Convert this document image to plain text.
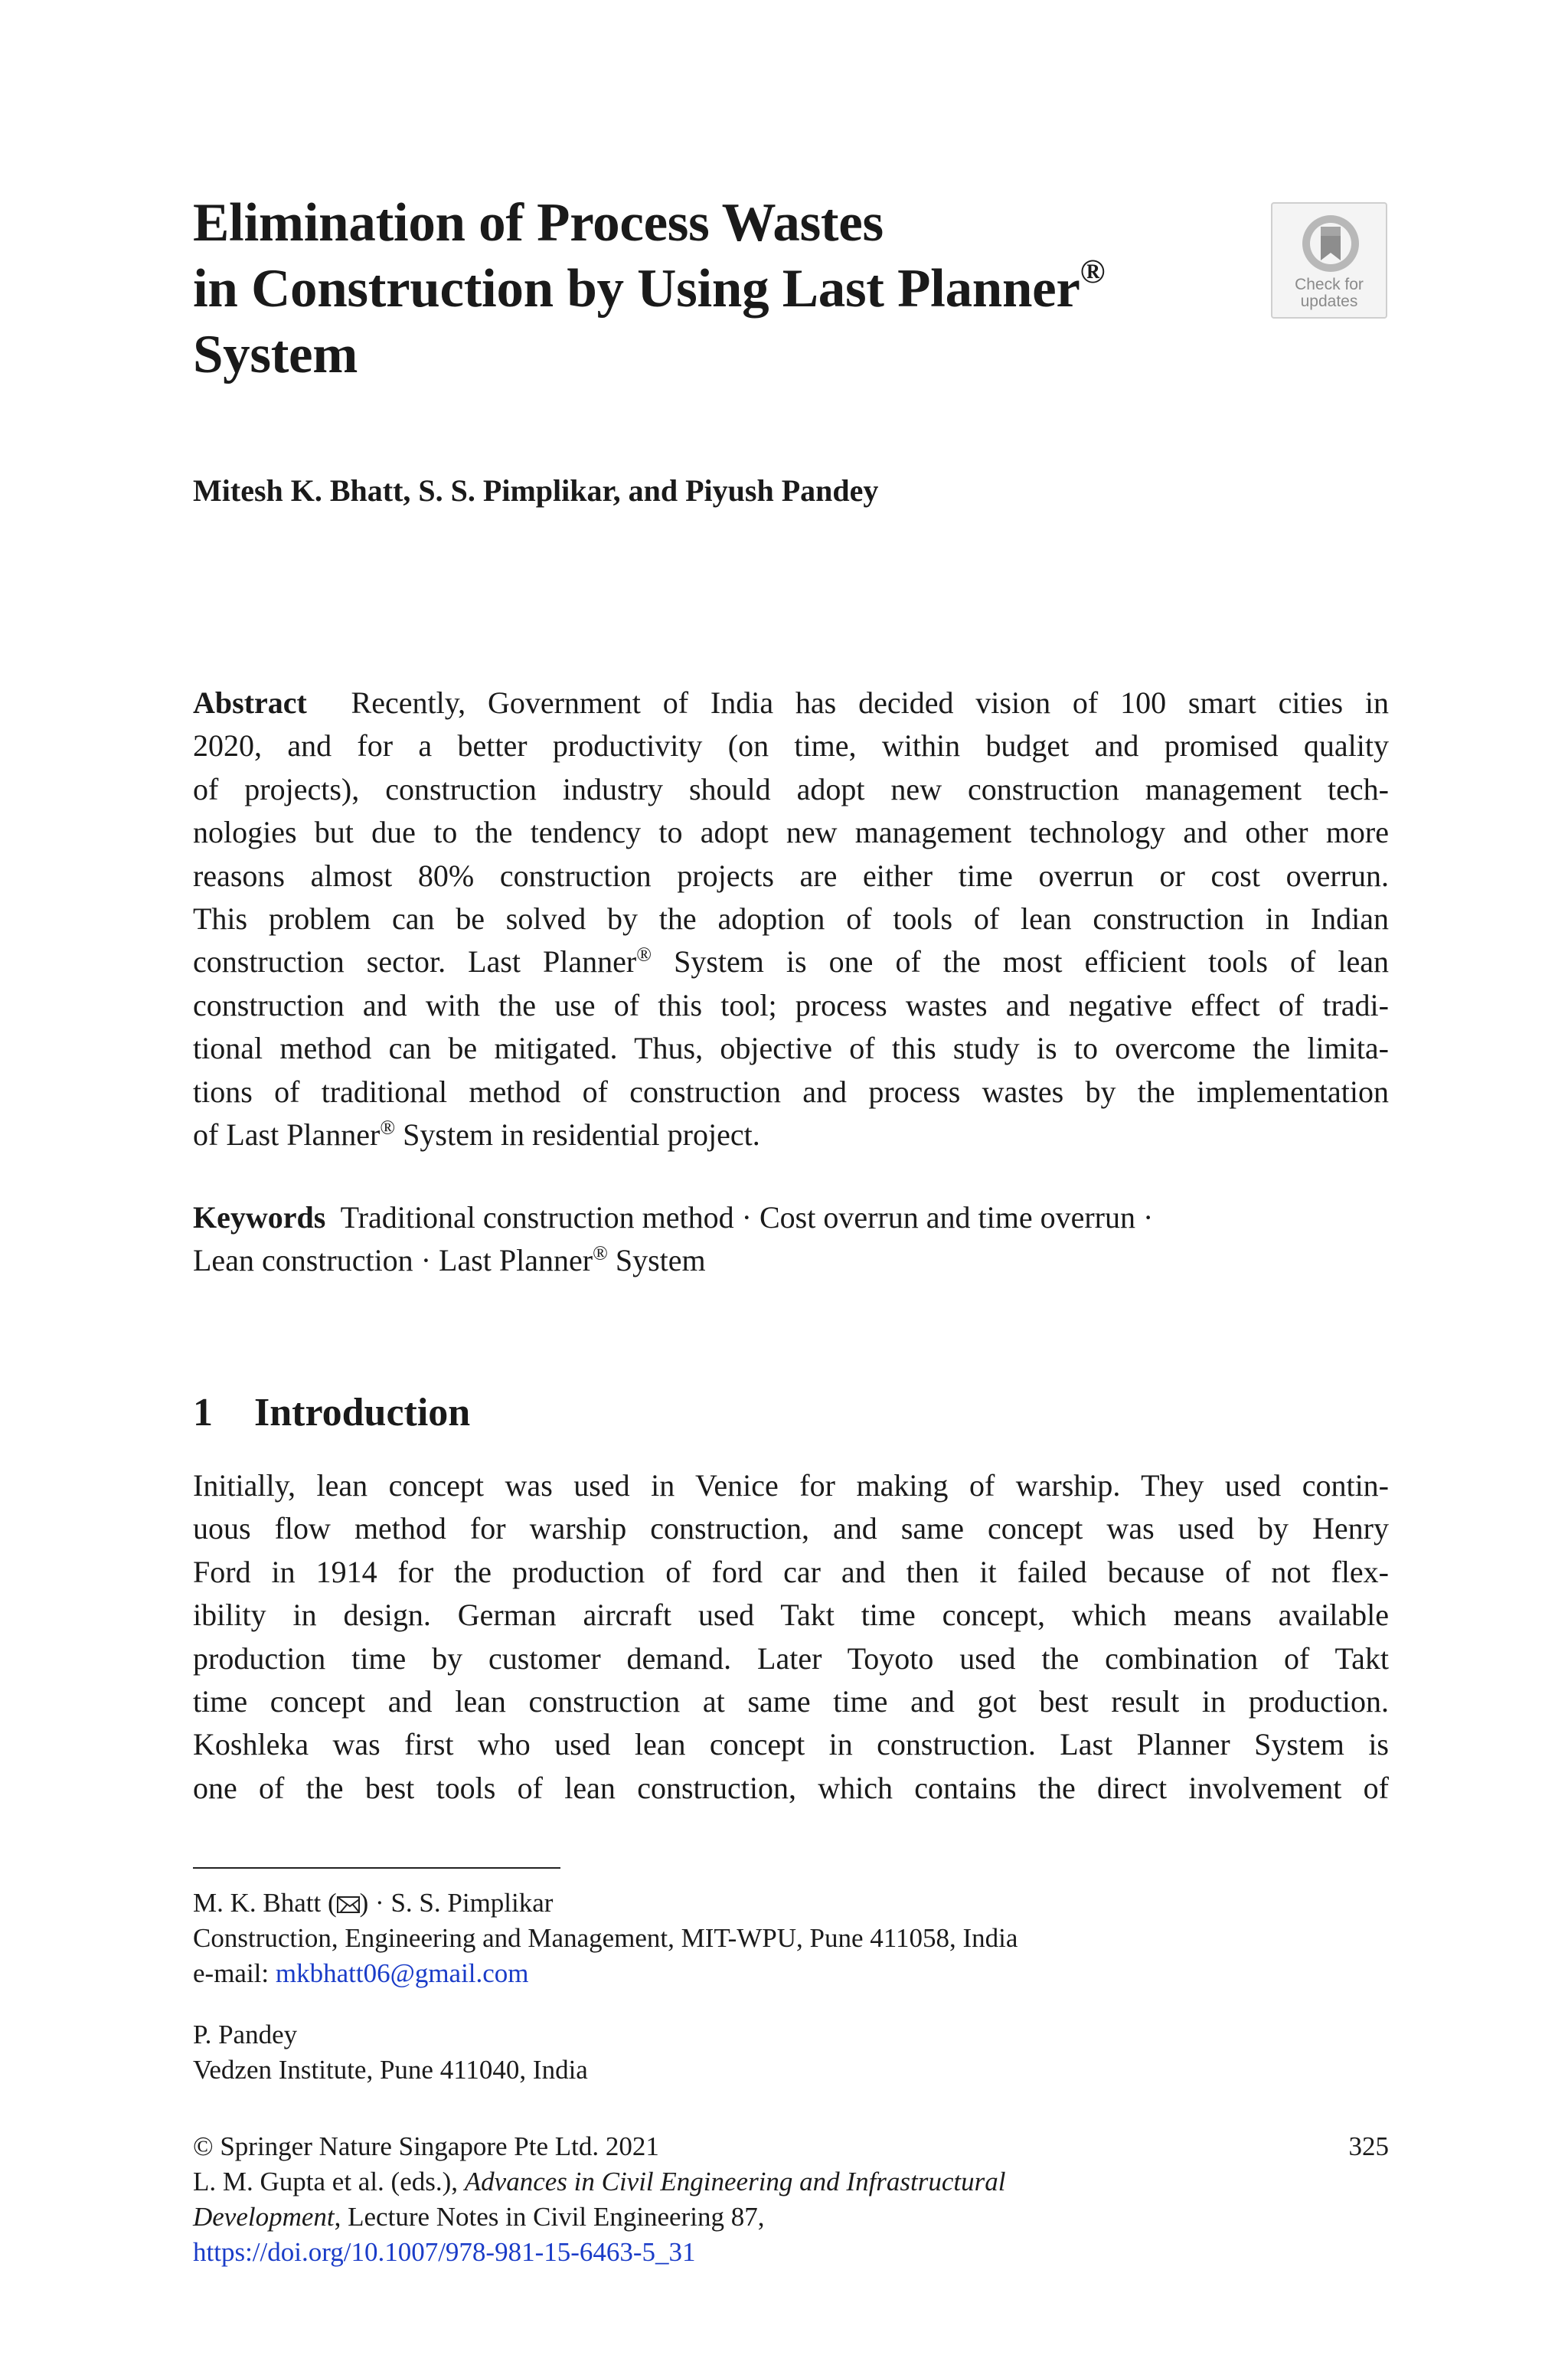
Elimination of Process Wastes
in Construction by Using Last Planner®
System
Check for
updates
Mitesh K. Bhatt, S. S. Pimplikar, and Piyush Pandey
Abstract Recently, Government of India has decided vision of 100 smart cities in
2020, and for a better productivity (on time, within budget and promised quality
of projects), construction industry should adopt new construction management tech-
nologies but due to the tendency to adopt new management technology and other more
reasons almost 80% construction projects are either time overrun or cost overrun.
This problem can be solved by the adoption of tools of lean construction in Indian
construction sector. Last Planner® System is one of the most efficient tools of lean
construction and with the use of this tool; process wastes and negative effect of tradi-
tional method can be mitigated. Thus, objective of this study is to overcome the limita-
tions of traditional method of construction and process wastes by the implementation
of Last Planner® System in residential project.
Keywords Traditional construction method · Cost overrun and time overrun ·
Lean construction · Last Planner® System
1 Introduction
Initially, lean concept was used in Venice for making of warship. They used contin-
uous flow method for warship construction, and same concept was used by Henry
Ford in 1914 for the production of ford car and then it failed because of not flex-
ibility in design. German aircraft used Takt time concept, which means available
production time by customer demand. Later Toyoto used the combination of Takt
time concept and lean construction at same time and got best result in production.
Koshleka was first who used lean concept in construction. Last Planner System is
one of the best tools of lean construction, which contains the direct involvement of
M. K. Bhatt ( ) · S. S. Pimplikar
Construction, Engineering and Management, MIT-WPU, Pune 411058, India
e-mail: mkbhatt06@gmail.com
P. Pandey
Vedzen Institute, Pune 411040, India
325
© Springer Nature Singapore Pte Ltd. 2021
L. M. Gupta et al. (eds.), Advances in Civil Engineering and Infrastructural
Development, Lecture Notes in Civil Engineering 87,
https://doi.org/10.1007/978-981-15-6463-5_31
